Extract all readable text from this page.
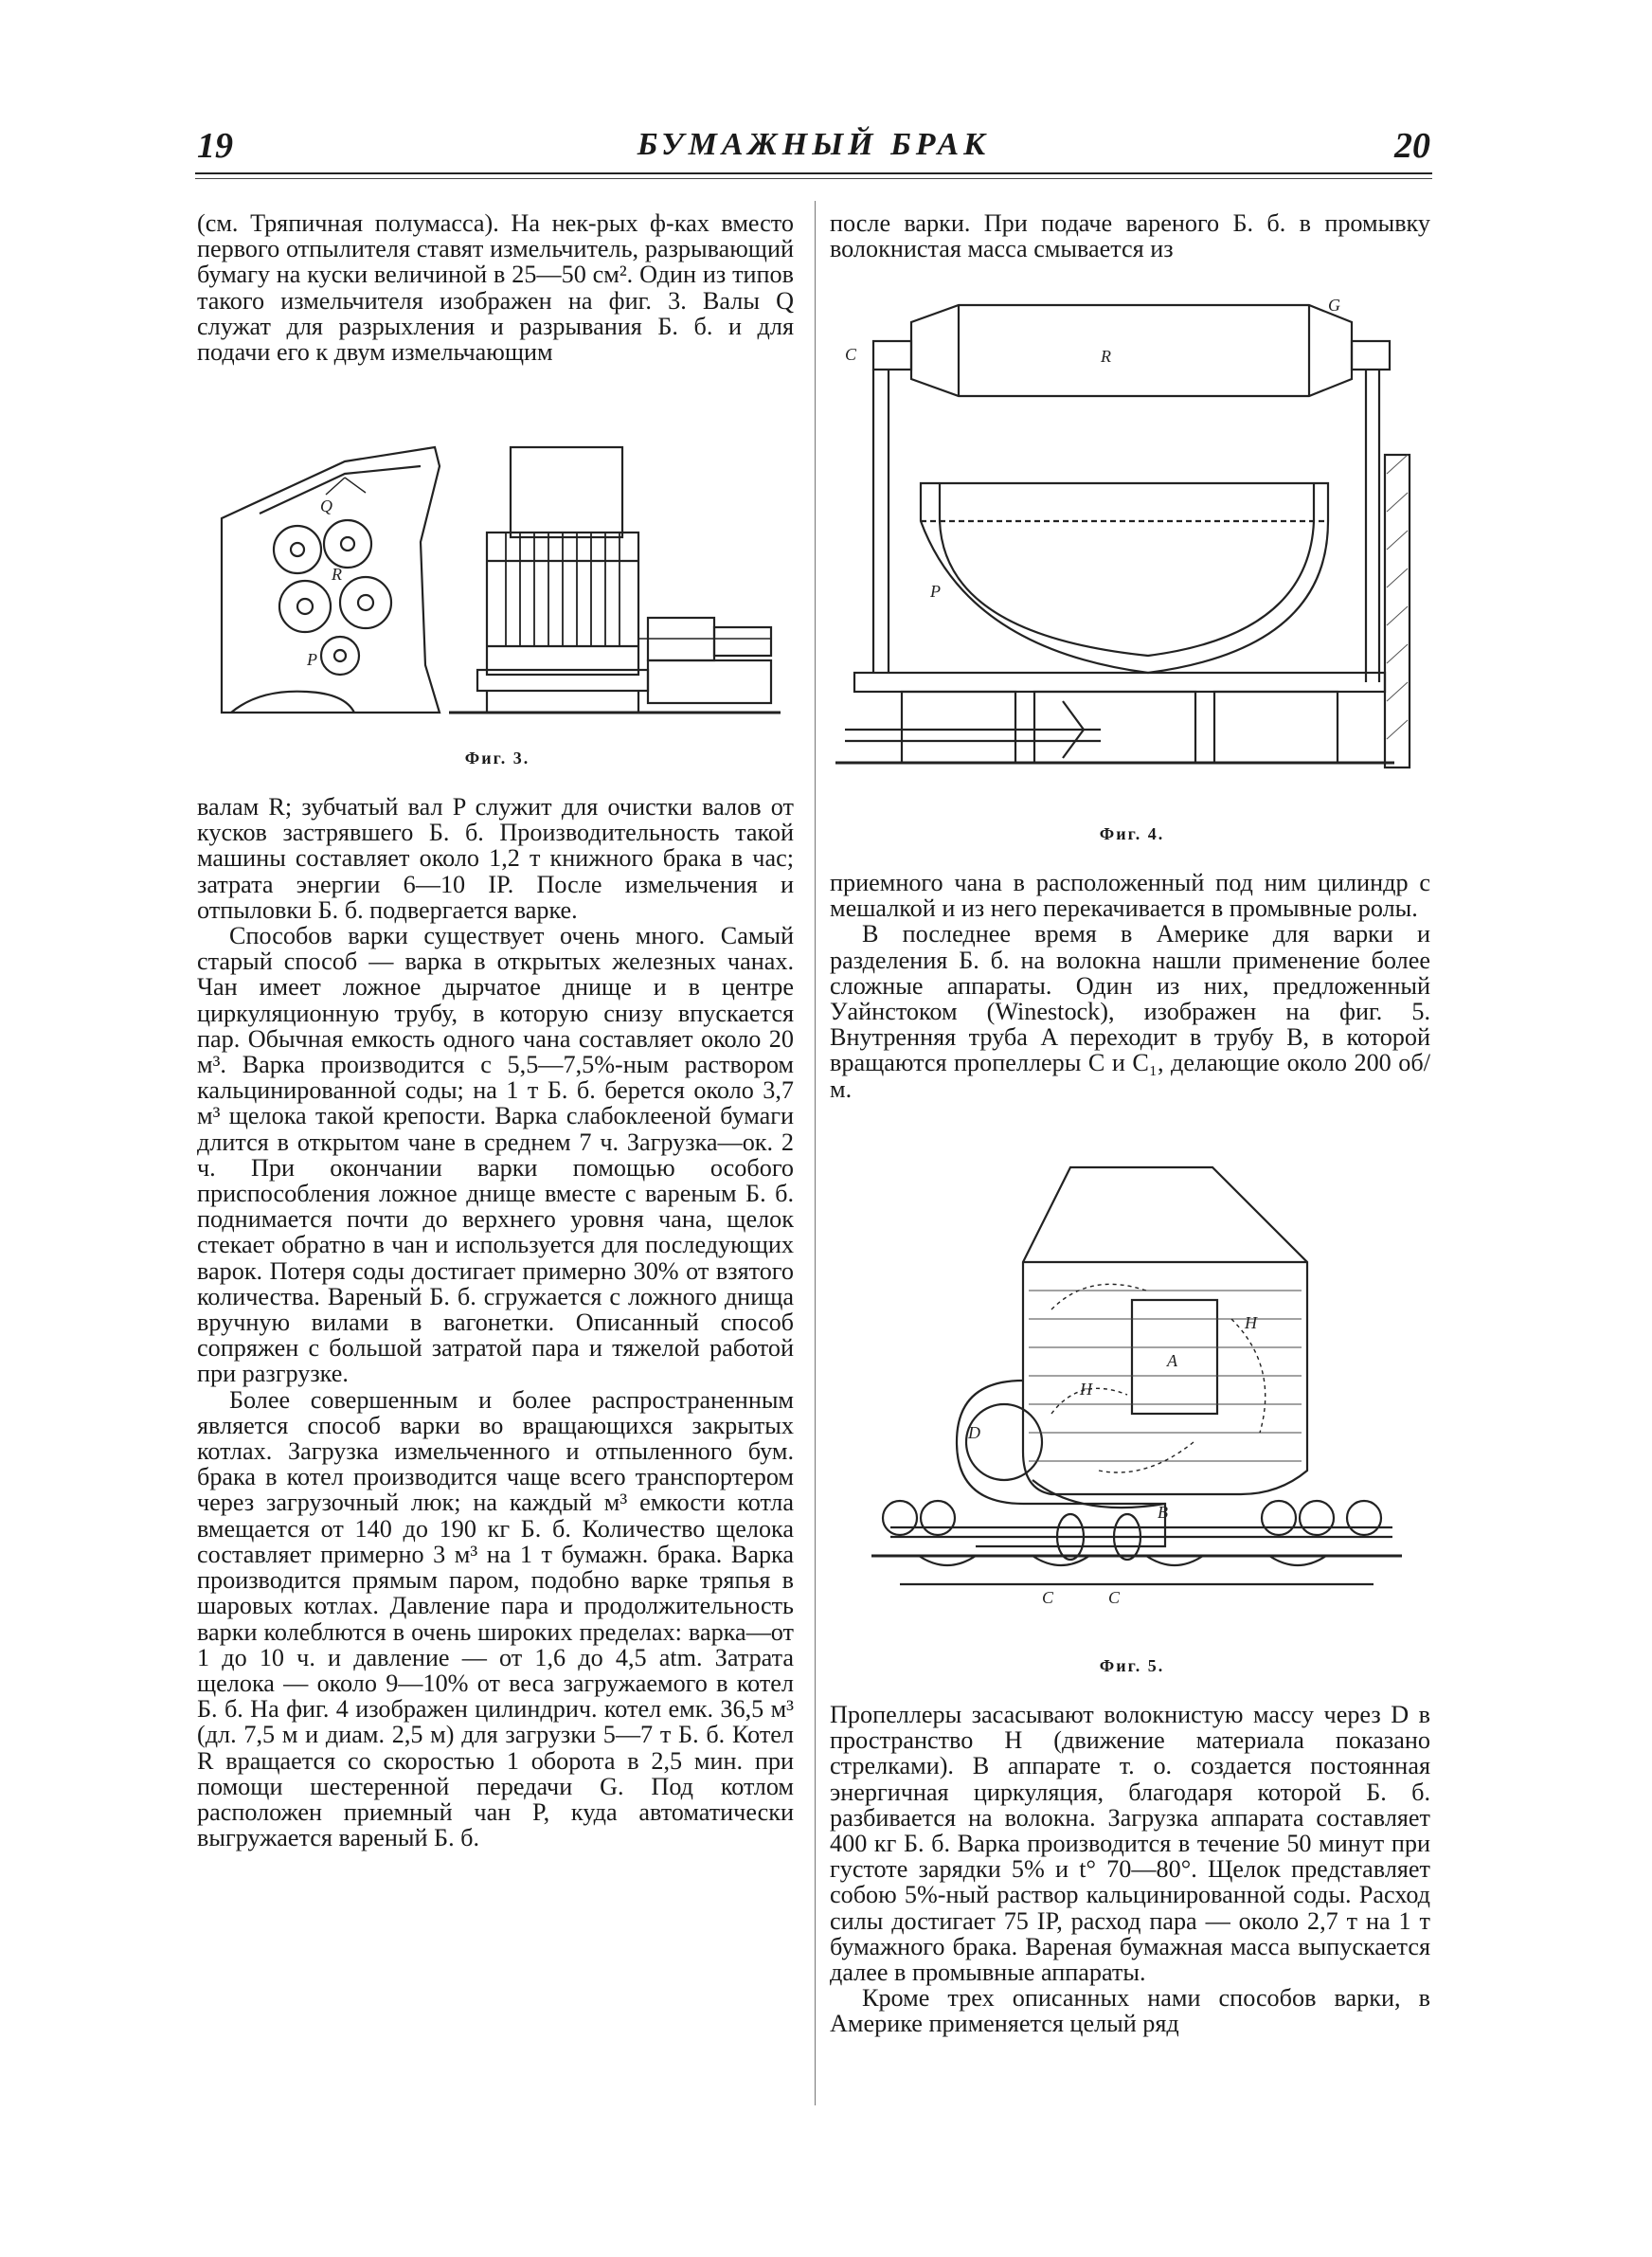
19	БУМАЖНЫЙ БРАК	20

(см. Тряпичная полумасса). На нек-рых ф-ках вместо первого отпылителя ставят измельчитель, разрывающий бумагу на куски величиной в 25—50 см². Один из типов такого измельчителя изображен на фиг. 3. Валы Q служат для разрыхления и разрывания Б. б. и для подачи его к двум измельчающим

Q
R
P
Фиг. 3.

валам R; зубчатый вал P служит для очистки валов от кусков застрявшего Б. б. Производительность такой машины составляет около 1,2 т книжного брака в час; затрата энергии 6—10 IP. После измельчения и отпыловки Б. б. подвергается варке.

Способов варки существует очень много. Самый старый способ — варка в открытых железных чанах. Чан имеет ложное дырчатое днище и в центре циркуляционную трубу, в которую снизу впускается пар. Обычная емкость одного чана составляет около 20 м³. Варка производится с 5,5—7,5%-ным раствором кальцинированной соды; на 1 т Б. б. берется около 3,7 м³ щелока такой крепости. Варка слабоклееной бумаги длится в открытом чане в среднем 7 ч. Загрузка—ок. 2 ч. При окончании варки помощью особого приспособления ложное днище вместе с вареным Б. б. поднимается почти до верхнего уровня чана, щелок стекает обратно в чан и используется для последующих варок. Потеря соды достигает примерно 30% от взятого количества. Вареный Б. б. сгружается с ложного днища вручную вилами в вагонетки. Описанный способ сопряжен с большой затратой пара и тяжелой работой при разгрузке.

Более совершенным и более распространенным является способ варки во вращающихся закрытых котлах. Загрузка измельченного и отпыленного бум. брака в котел производится чаще всего транспортером через загрузочный люк; на каждый м³ емкости котла вмещается от 140 до 190 кг Б. б. Количество щелока составляет примерно 3 м³ на 1 т бумажн. брака. Варка производится прямым паром, подобно варке тряпья в шаровых котлах. Давление пара и продолжительность варки колеблются в очень широких пределах: варка—от 1 до 10 ч. и давление — от 1,6 до 4,5 atm. Затрата щелока — около 9—10% от веса загружаемого в котел Б. б. На фиг. 4 изображен цилиндрич. котел емк. 36,5 м³ (дл. 7,5 м и диам. 2,5 м) для загрузки 5—7 т Б. б. Котел R вращается со скоростью 1 оборота в 2,5 мин. при помощи шестеренной передачи G. Под котлом расположен приемный чан P, куда автоматически выгружается вареный Б. б.

после варки. При подаче вареного Б. б. в промывку волокнистая масса смывается из

C	R
P
G
Фиг. 4.

приемного чана в расположенный под ним цилиндр с мешалкой и из него перекачивается в промывные ролы.

В последнее время в Америке для варки и разделения Б. б. на волокна нашли применение более сложные аппараты. Один из них, предложенный Уайнстоком (Winestock), изображен на фиг. 5. Внутренняя труба A переходит в трубу B, в которой вращаются пропеллеры C и C₁, делающие около 200 об/м.

A
H
H
D
B
C	C
Фиг. 5.

Пропеллеры засасывают волокнистую массу через D в пространство H (движение материала показано стрелками). В аппарате т. о. создается постоянная энергичная циркуляция, благодаря которой Б. б. разбивается на волокна. Загрузка аппарата составляет 400 кг Б. б. Варка производится в течение 50 минут при густоте зарядки 5% и t° 70—80°. Щелок представляет собою 5%-ный раствор кальцинированной соды. Расход силы достигает 75 IP, расход пара — около 2,7 т на 1 т бумажного брака. Вареная бумажная масса выпускается далее в промывные аппараты.

Кроме трех описанных нами способов варки, в Америке применяется целый ряд
